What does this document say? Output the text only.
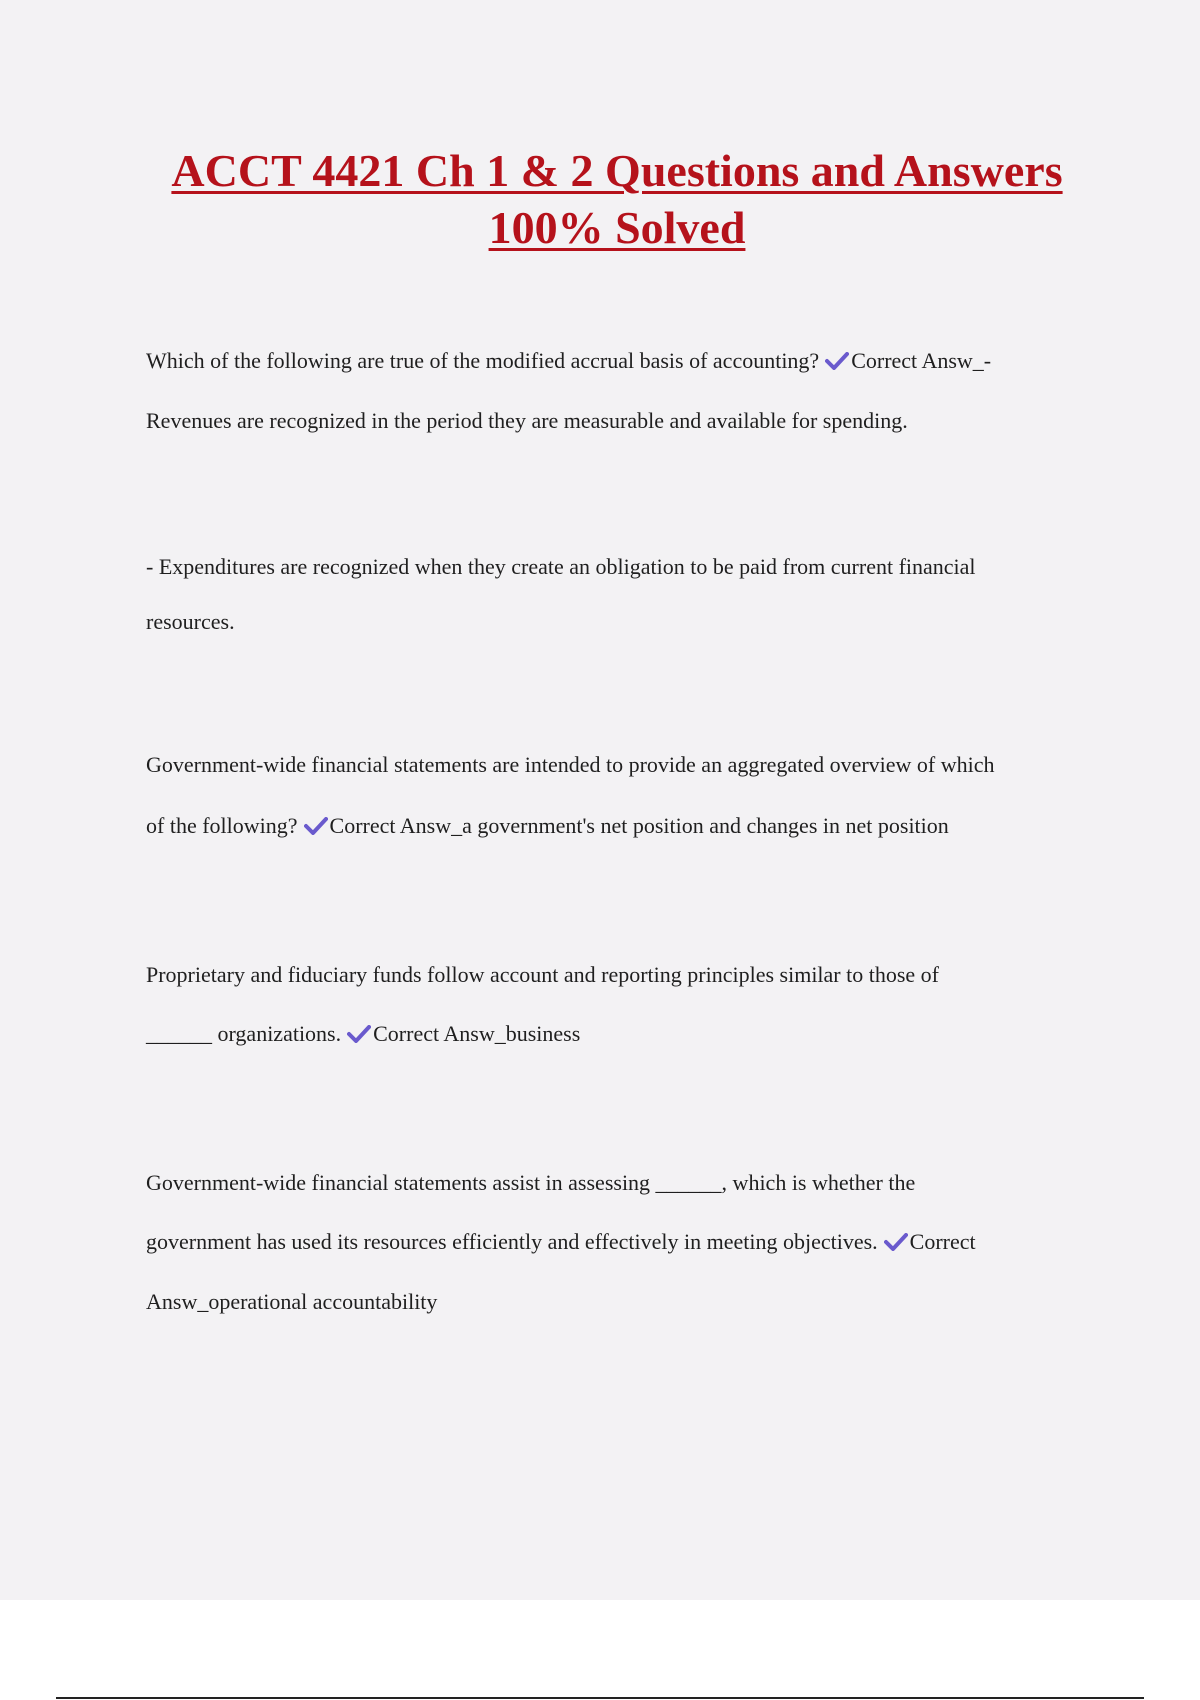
ACCT 4421 Ch 1 & 2 Questions and Answers
100% Solved
Which of the following are true of the modified accrual basis of accounting? Correct Answ_-
Revenues are recognized in the period they are measurable and available for spending.
- Expenditures are recognized when they create an obligation to be paid from current financial
resources.
Government-wide financial statements are intended to provide an aggregated overview of which
of the following? Correct Answ_a government's net position and changes in net position
Proprietary and fiduciary funds follow account and reporting principles similar to those of
______ organizations. Correct Answ_business
Government-wide financial statements assist in assessing ______, which is whether the
government has used its resources efficiently and effectively in meeting objectives. Correct
Answ_operational accountability
